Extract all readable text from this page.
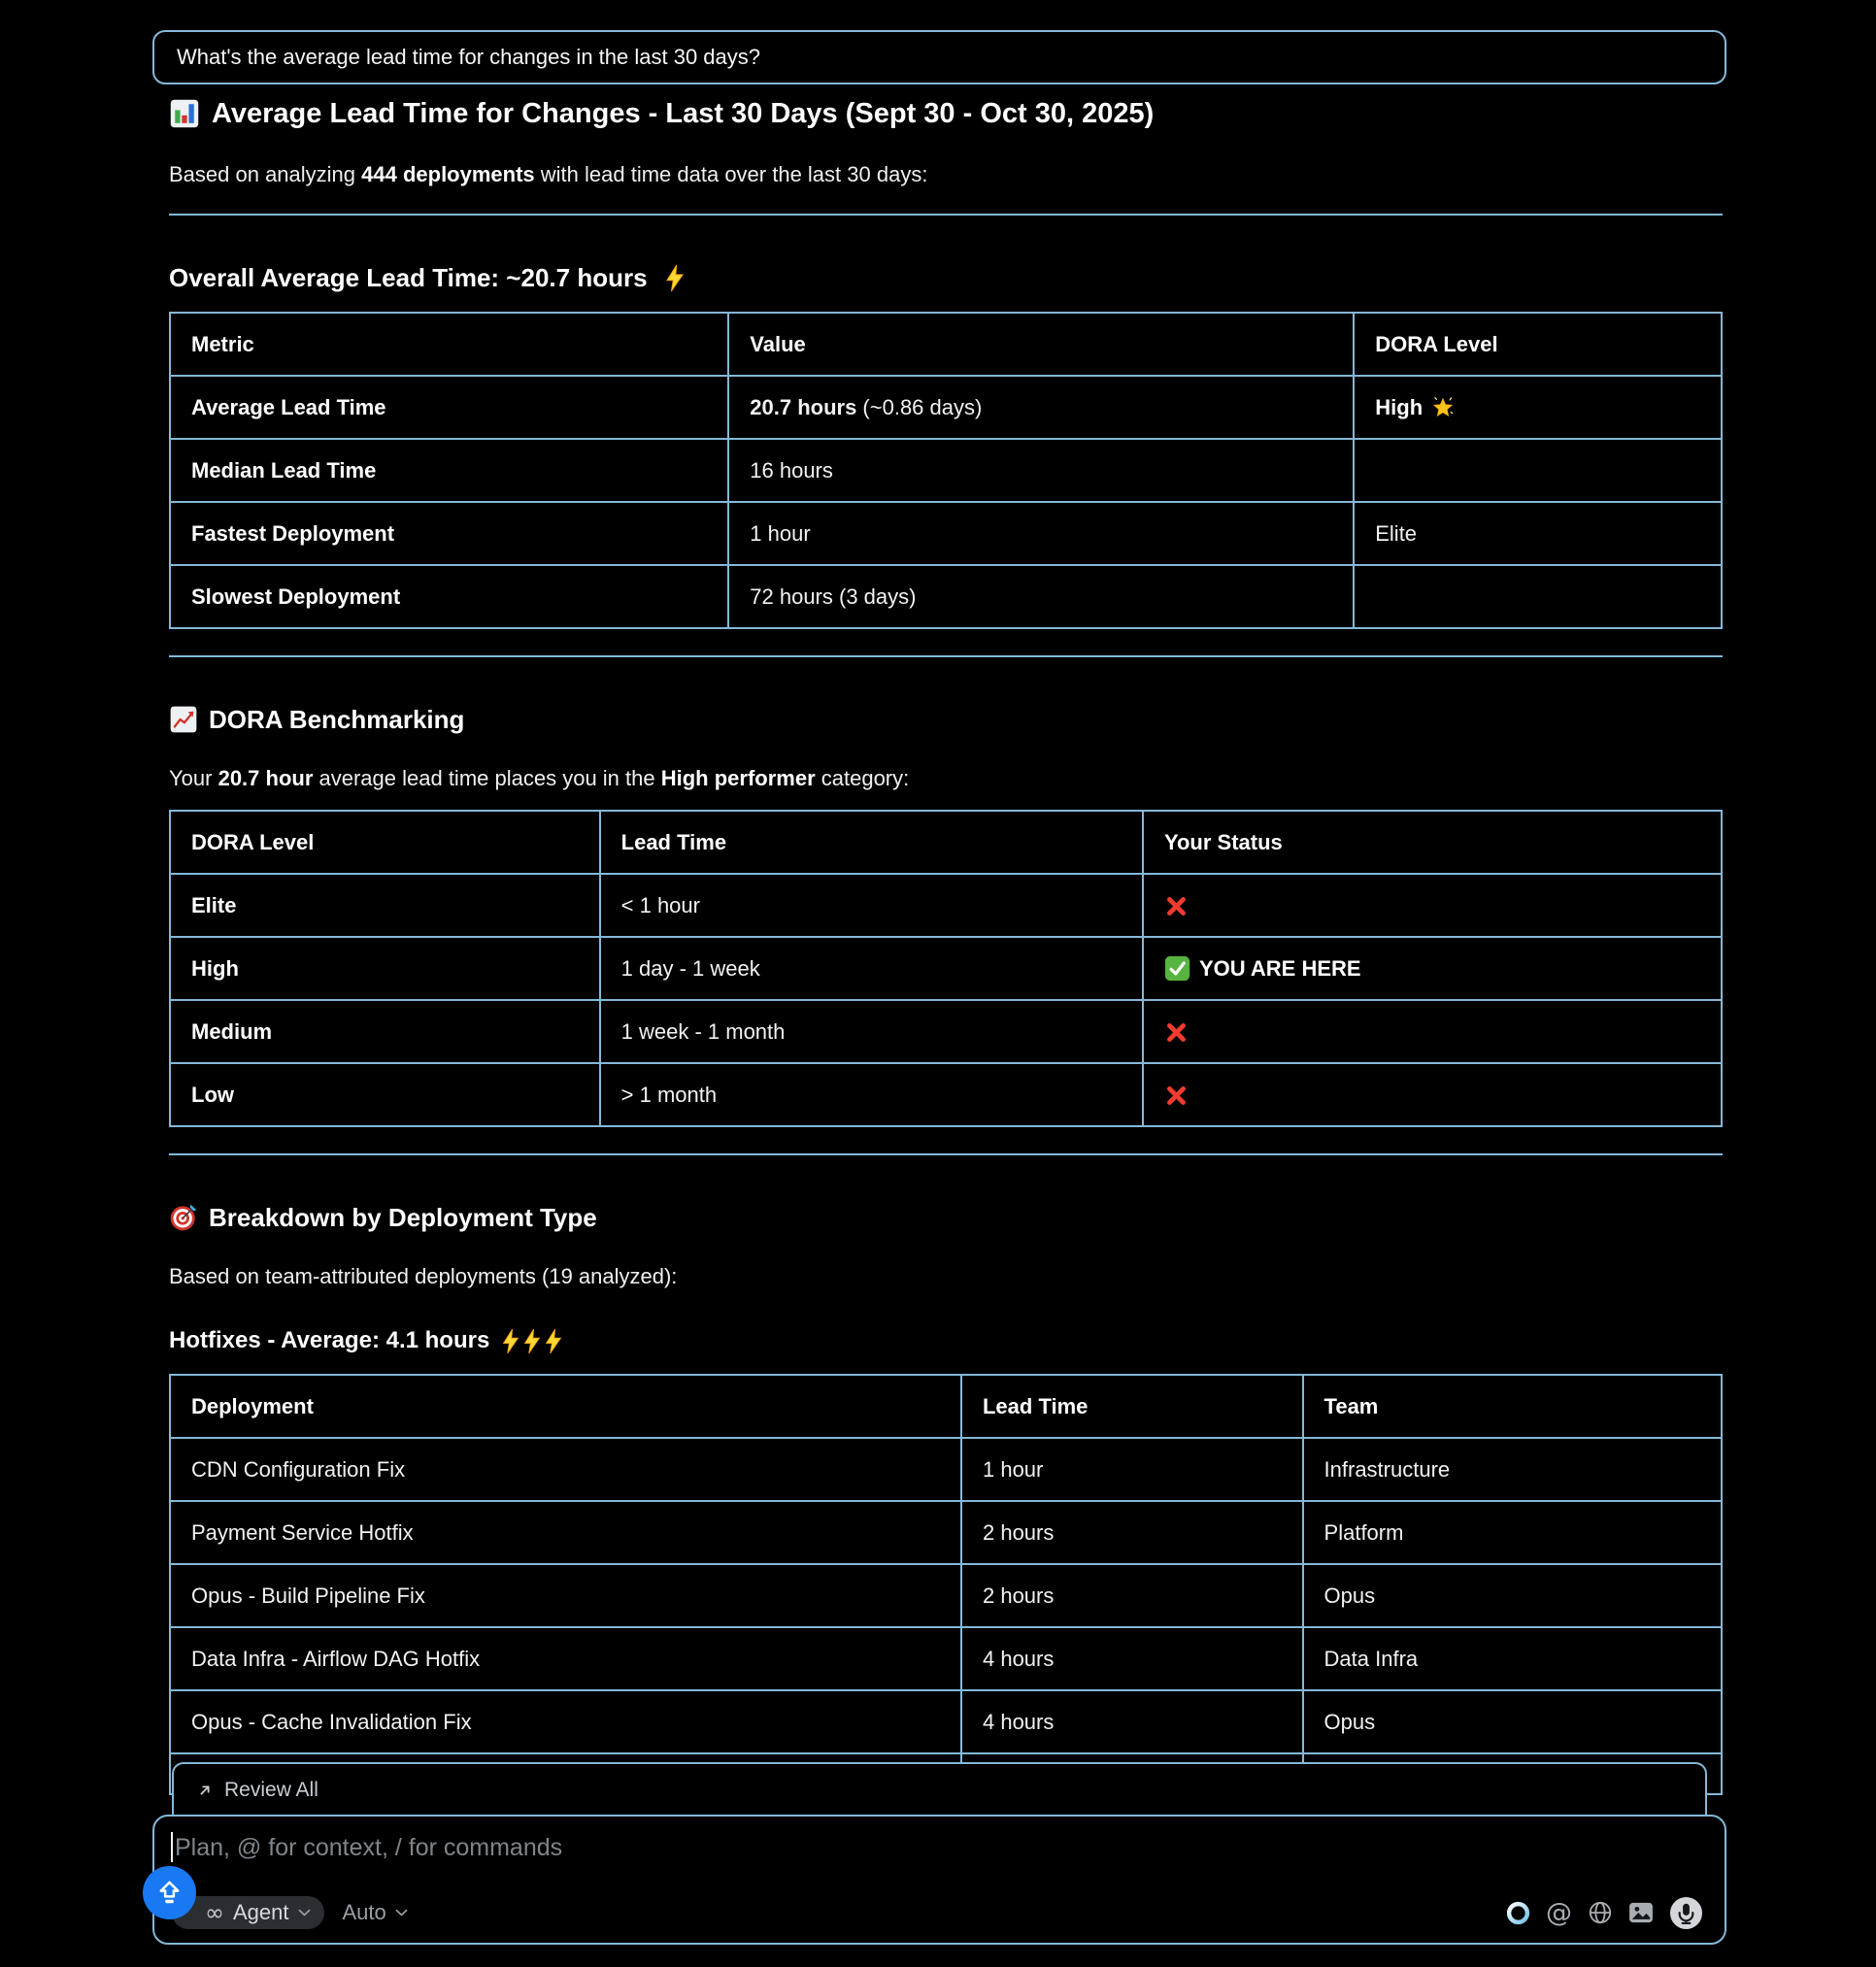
What's the average lead time for changes in the last 30 days?
Average Lead Time for Changes - Last 30 Days (Sept 30 - Oct 30, 2025)

Based on analyzing 444 deployments with lead time data over the last 30 days:

Overall Average Lead Time: ~20.7 hours
Metric	Value	DORA Level
Average Lead Time	20.7 hours (~0.86 days)	High
Median Lead Time	16 hours	
Fastest Deployment	1 hour	Elite
Slowest Deployment	72 hours (3 days)	
DORA Benchmarking

Your 20.7 hour average lead time places you in the High performer category:

DORA Level	Lead Time	Your Status
Elite	< 1 hour	
High	1 day - 1 week	YOU ARE HERE
Medium	1 week - 1 month	
Low	> 1 month	
Breakdown by Deployment Type

Based on team-attributed deployments (19 analyzed):

Hotfixes - Average: 4.1 hours
Deployment	Lead Time	Team
CDN Configuration Fix	1 hour	Infrastructure
Payment Service Hotfix	2 hours	Platform
Opus - Build Pipeline Fix	2 hours	Opus
Data Infra - Airflow DAG Hotfix	4 hours	Data Infra
Opus - Cache Invalidation Fix	4 hours	Opus

Review All
Plan, @ for context, / for commands
∞ Agent	Auto	@
